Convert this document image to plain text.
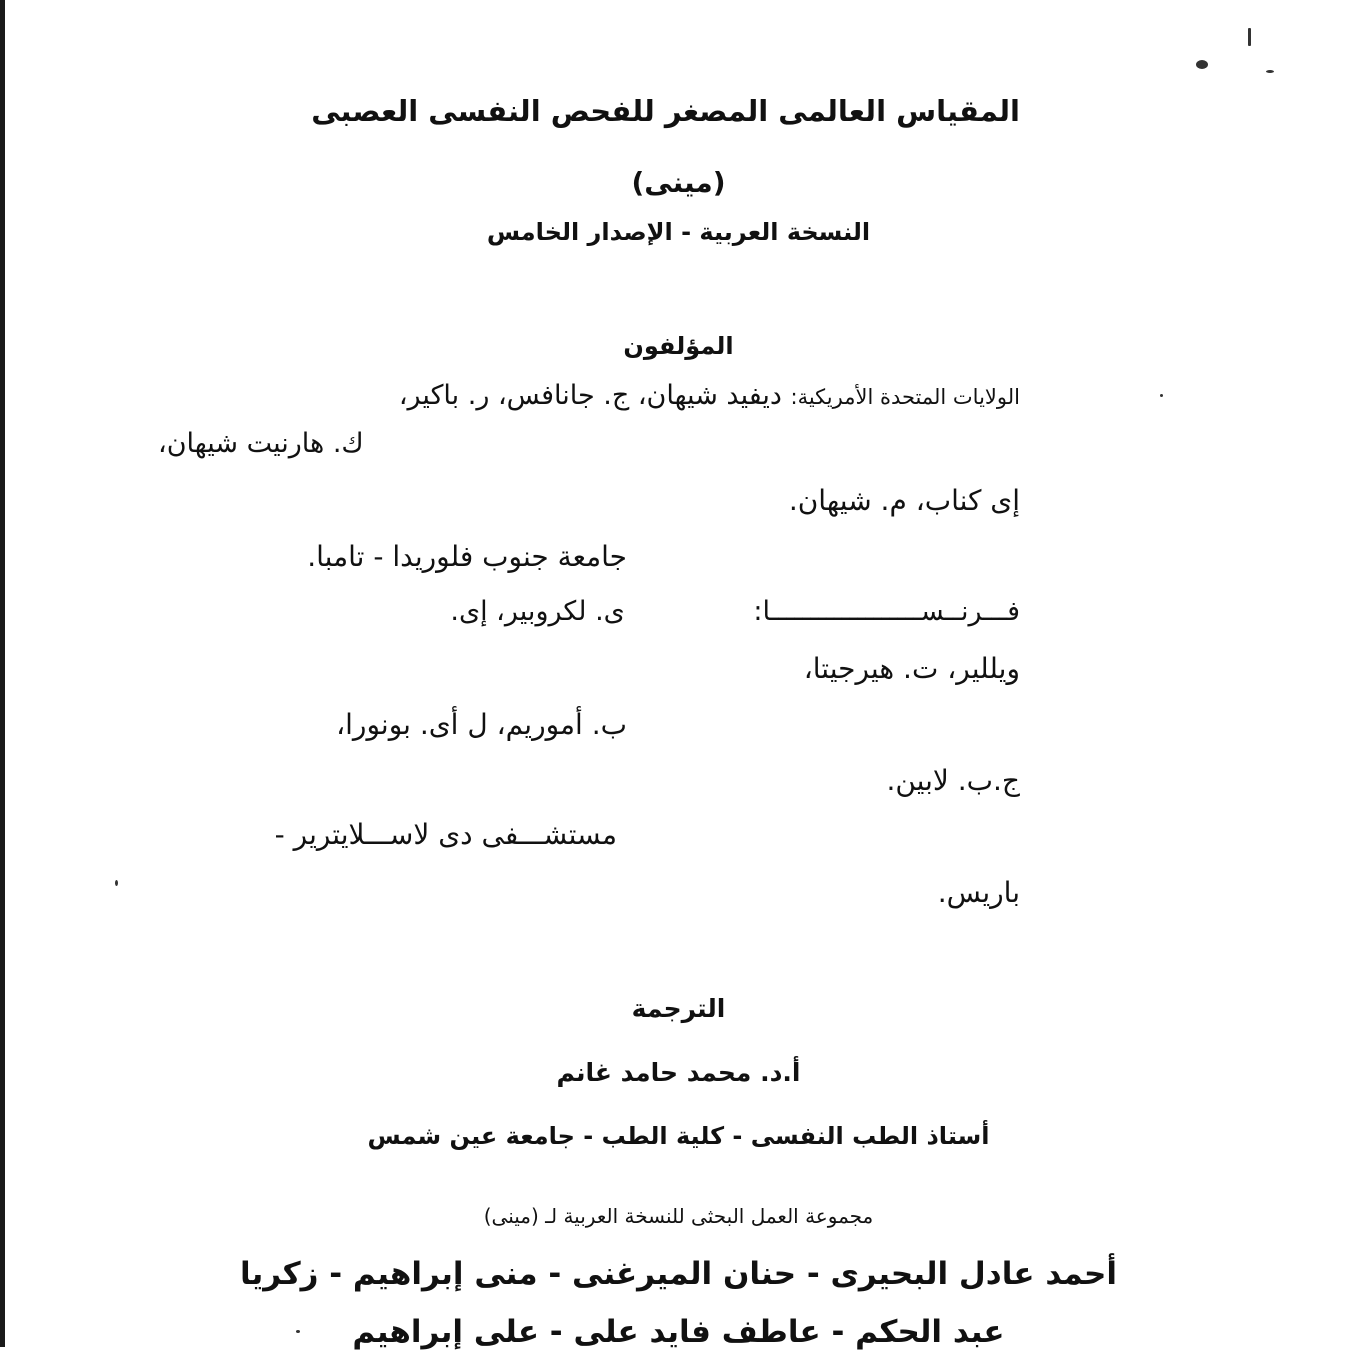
المقياس العالمى المصغر للفحص النفسى العصبى
(مينى)
النسخة العربية - الإصدار الخامس
المؤلفون
الولايات المتحدة الأمريكية: ديفيد شيهان، ج. جانافس، ر. باكير،
ك. هارنيت شيهان،
إى كناب، م. شيهان.
جامعة جنوب فلوريدا - تامبا.
فـــرنــســـــــــــــــــــا: ى. لكروبير، إى.
ويللير، ت. هيرجيتا،
ب. أموريم، ل أى. بونورا،
ج.ب. لابين.
مستشـــفى دى لاســـلايترير -
باريس.
الترجمة
أ.د. محمد حامد غانم
أستاذ الطب النفسى - كلية الطب - جامعة عين شمس
مجموعة العمل البحثى للنسخة العربية لـ (مينى)
أحمد عادل البحيرى - حنان الميرغنى - منى إبراهيم - زكريا
عبد الحكم - عاطف فايد على - على إبراهيم
